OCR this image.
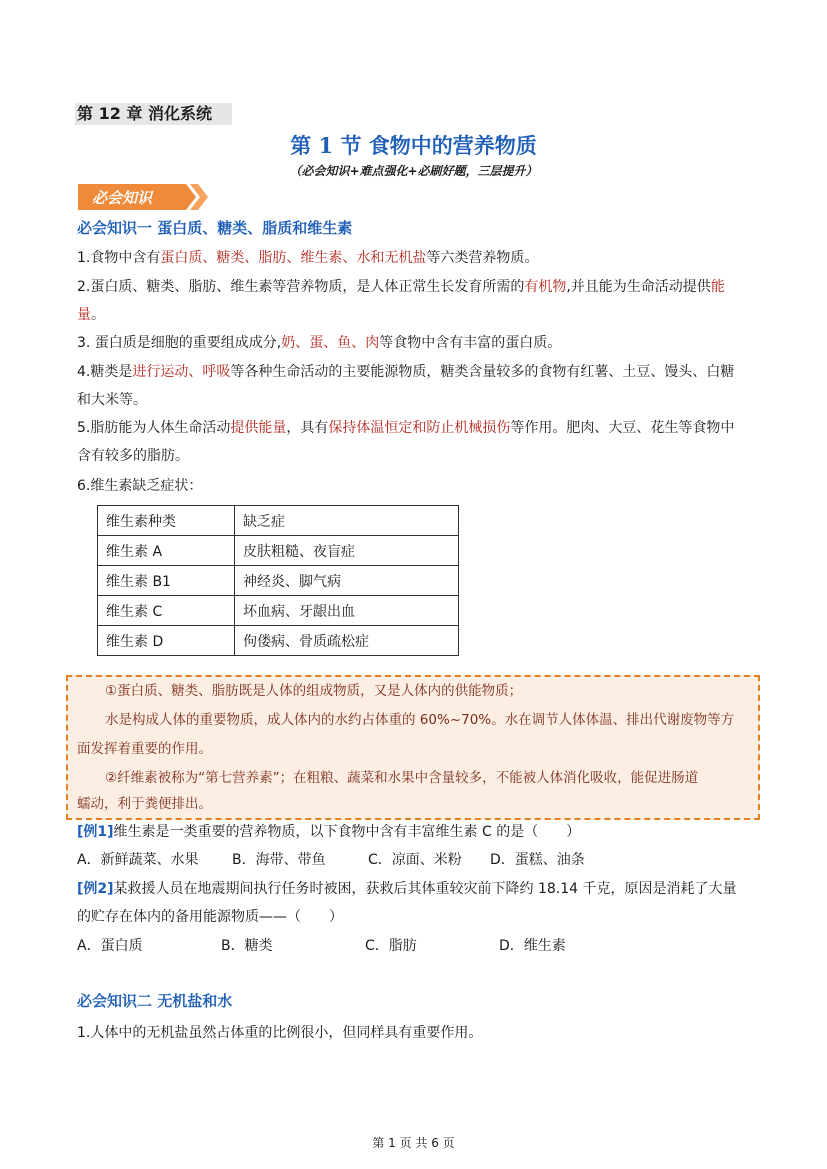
第 12 章 消化系统
第 1 节 食物中的营养物质
（必会知识+难点强化+必刷好题，三层提升）
必会知识
必会知识一 蛋白质、糖类、脂质和维生素
1.食物中含有蛋白质、糖类、脂肪、维生素、水和无机盐等六类营养物质。
2.蛋白质、糖类、脂肪、维生素等营养物质，是人体正常生长发育所需的有机物,并且能为生命活动提供能
量。
3. 蛋白质是细胞的重要组成成分,奶、蛋、鱼、肉等食物中含有丰富的蛋白质。
4.糖类是进行运动、呼吸等各种生命活动的主要能源物质，糖类含量较多的食物有红薯、土豆、馒头、白糖
和大米等。
5.脂肪能为人体生命活动提供能量，具有保持体温恒定和防止机械损伤等作用。肥肉、大豆、花生等食物中
含有较多的脂肪。
6.维生素缺乏症状：
维生素种类	缺乏症
维生素 A	皮肤粗糙、夜盲症
维生素 B1	神经炎、脚气病
维生素 C	坏血病、牙龈出血
维生素 D	佝偻病、骨质疏松症
①蛋白质、糖类、脂肪既是人体的组成物质，又是人体内的供能物质；
水是构成人体的重要物质，成人体内的水约占体重的 60%~70%。水在调节人体体温、排出代谢废物等方
面发挥着重要的作用。
②纤维素被称为“第七营养素”；在粗粮、蔬菜和水果中含量较多，不能被人体消化吸收，能促进肠道
蠕动，利于粪便排出。
[例1]维生素是一类重要的营养物质，以下食物中含有丰富维生素 C 的是（　　）
A．新鲜蔬菜、水果 B．海带、带鱼	C．凉面、米粉 D．蛋糕、油条
[例2]某救援人员在地震期间执行任务时被困，获救后其体重较灾前下降约 18.14 千克，原因是消耗了大量
的贮存在体内的备用能源物质——（　　）
A．蛋白质	B．糖类	C．脂肪	D．维生素
必会知识二 无机盐和水
1.人体中的无机盐虽然占体重的比例很小，但同样具有重要作用。
第 1 页 共 6 页
